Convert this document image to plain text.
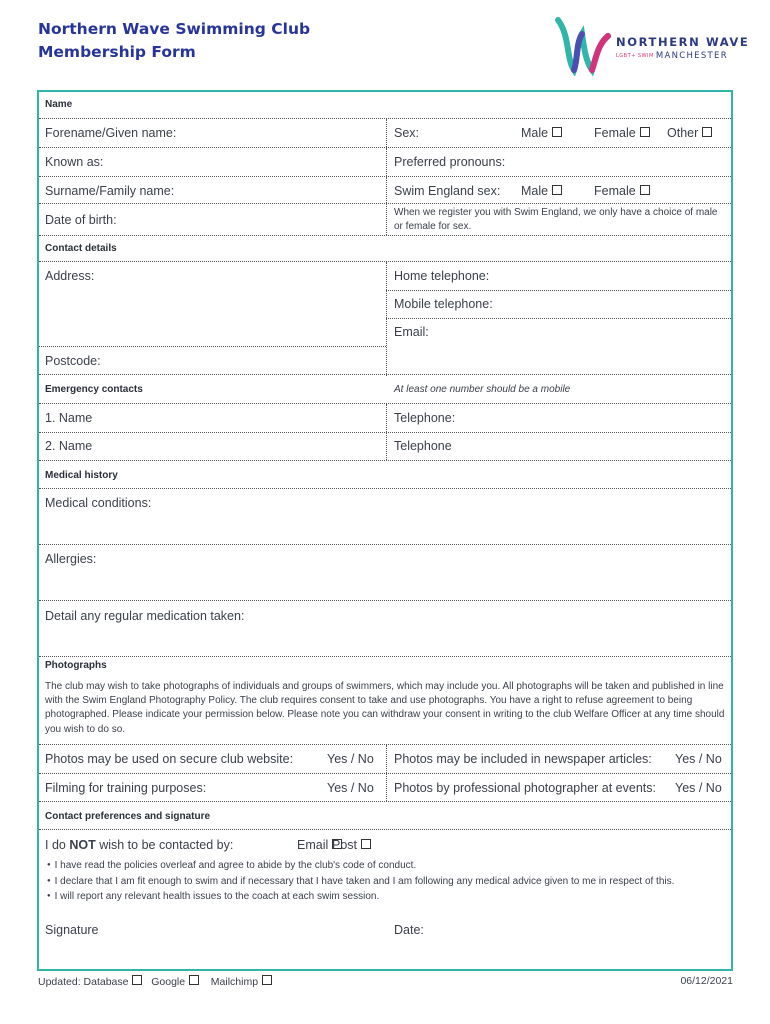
Northern Wave Swimming Club
Membership Form
NORTHERN WAVE
LGBT+ SWIM MANCHESTER
Name
Forename/Given name:	Sex:	Male	Female	Other
Known as:	Preferred pronouns:
Surname/Family name:	Swim England sex: Male	Female
Date of birth:
When we register you with Swim England, we only have a choice of male or female for sex.
Contact details
Address:	Home telephone:
Mobile telephone:
Email:
Postcode:
Emergency contacts	At least one number should be a mobile
1. Name	Telephone:
2. Name	Telephone
Medical history
Medical conditions:
Allergies:
Detail any regular medication taken:
Photographs
The club may wish to take photographs of individuals and groups of swimmers, which may include you. All photographs will be taken and published in line with the Swim England Photography Policy. The club requires consent to take and use photographs. You have a right to refuse agreement to being photographed. Please indicate your permission below. Please note you can withdraw your consent in writing to the club Welfare Officer at any time should you wish to do so.
Photos may be used on secure club website:	Yes / No Photos may be included in newspaper articles: Yes / No
Filming for training purposes:	Yes / No Photos by professional photographer at events: Yes / No
Contact preferences and signature
I do NOT wish to be contacted by:	Email Post
● I have read the policies overleaf and agree to abide by the club's code of conduct.
● I declare that I am fit enough to swim and if necessary that I have taken and I am following any medical advice given to me in respect of this.
● I will report any relevant health issues to the coach at each swim session.
Signature	Date:
Updated: Database Google Mailchimp	06/12/2021
